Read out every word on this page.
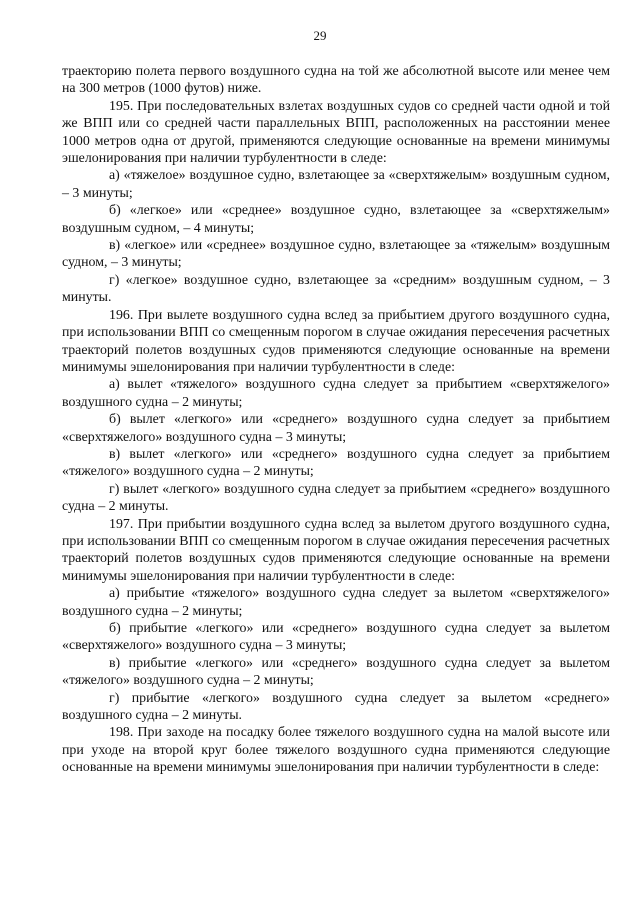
29

траекторию полета первого воздушного судна на той же абсолютной высоте или менее чем на 300 метров (1000 футов) ниже.

195. При последовательных взлетах воздушных судов со средней части одной и той же ВПП или со средней части параллельных ВПП, расположенных на расстоянии менее 1000 метров одна от другой, применяются следующие основанные на времени минимумы эшелонирования при наличии турбулентности в следе:

а) «тяжелое» воздушное судно, взлетающее за «сверхтяжелым» воздушным судном, – 3 минуты;

б) «легкое» или «среднее» воздушное судно, взлетающее за «сверхтяжелым» воздушным судном, – 4 минуты;

в) «легкое» или «среднее» воздушное судно, взлетающее за «тяжелым» воздушным судном, – 3 минуты;

г) «легкое» воздушное судно, взлетающее за «средним» воздушным судном, – 3 минуты.

196. При вылете воздушного судна вслед за прибытием другого воздушного судна, при использовании ВПП со смещенным порогом в случае ожидания пересечения расчетных траекторий полетов воздушных судов применяются следующие основанные на времени минимумы эшелонирования при наличии турбулентности в следе:

а) вылет «тяжелого» воздушного судна следует за прибытием «сверхтяжелого» воздушного судна – 2 минуты;

б) вылет «легкого» или «среднего» воздушного судна следует за прибытием «сверхтяжелого» воздушного судна – 3 минуты;

в) вылет «легкого» или «среднего» воздушного судна следует за прибытием «тяжелого» воздушного судна – 2 минуты;

г) вылет «легкого» воздушного судна следует за прибытием «среднего» воздушного судна – 2 минуты.

197. При прибытии воздушного судна вслед за вылетом другого воздушного судна, при использовании ВПП со смещенным порогом в случае ожидания пересечения расчетных траекторий полетов воздушных судов применяются следующие основанные на времени минимумы эшелонирования при наличии турбулентности в следе:

а) прибытие «тяжелого» воздушного судна следует за вылетом «сверхтяжелого» воздушного судна – 2 минуты;

б) прибытие «легкого» или «среднего» воздушного судна следует за вылетом «сверхтяжелого» воздушного судна – 3 минуты;

в) прибытие «легкого» или «среднего» воздушного судна следует за вылетом «тяжелого» воздушного судна – 2 минуты;

г) прибытие «легкого» воздушного судна следует за вылетом «среднего» воздушного судна – 2 минуты.

198. При заходе на посадку более тяжелого воздушного судна на малой высоте или при уходе на второй круг более тяжелого воздушного судна применяются следующие основанные на времени минимумы эшелонирования при наличии турбулентности в следе:
